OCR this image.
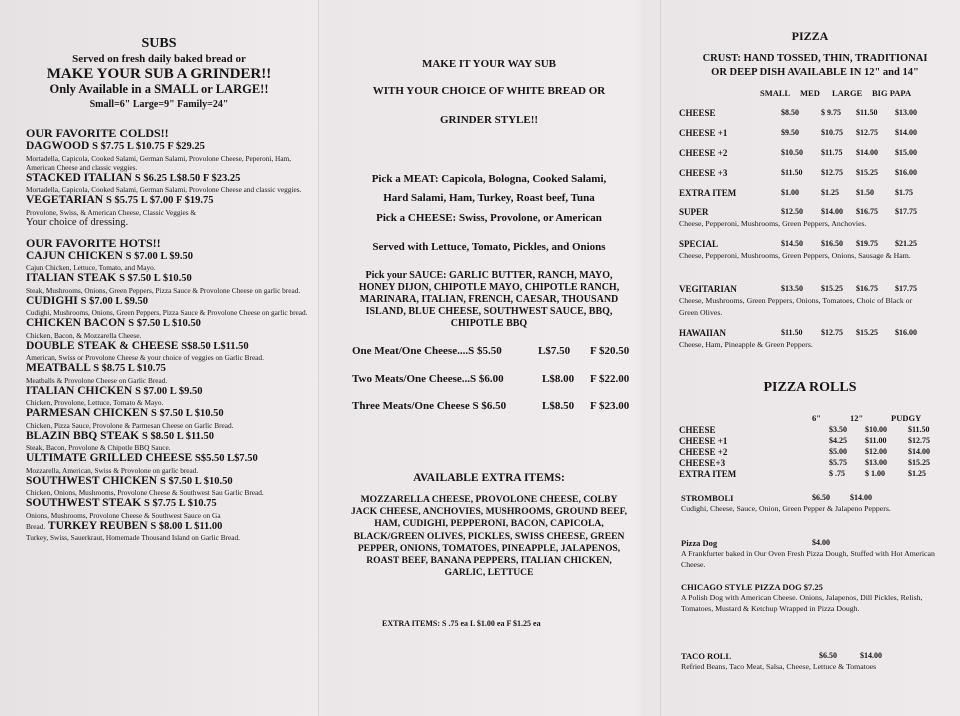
SUBS
Served on fresh daily baked bread or
MAKE YOUR SUB A GRINDER!!
Only Available in a SMALL or LARGE!!
Small=6" Large=9" Family=24"
OUR FAVORITE COLDS!!
DAGWOOD S $7.75 L $10.75 F $29.25
Mortadella, Capicola, Cooked Salami, German Salami, Provolone Cheese, Peperoni, Ham, American Cheese and classic veggies.
STACKED ITALIAN S $6.25 L$8.50 F $23.25
Mortadella, Capicola, Cooked Salami, German Salami, Provolone Cheese and classic veggies.
VEGETARIAN S $5.75 L $7.00 F $19.75
Provolone, Swiss, & American Cheese, Classic Veggies &
Your choice of dressing.
OUR FAVORITE HOTS!!
CAJUN CHICKEN S $7.00 L $9.50
Cajun Chicken, Lettuce, Tomato, and Mayo.
ITALIAN STEAK S $7.50 L $10.50
Steak, Mushrooms, Onions, Green Peppers, Pizza Sauce & Provolone Cheese on garlic bread.
CUDIGHI S $7.00 L $9.50
Cudighi, Mushrooms, Onions, Green Peppers, Pizza Sauce & Provolone Cheese on garlic bread.
CHICKEN BACON S $7.50 L $10.50
Chicken, Bacon, & Mozzarella Cheese.
DOUBLE STEAK & CHEESE S$8.50 L$11.50
American, Swiss or Provolone Cheese & your choice of veggies on Garlic Bread.
MEATBALL S $8.75 L $10.75
Meatballs & Provolone Cheese on Garlic Bread.
ITALIAN CHICKEN S $7.00 L $9.50
Chicken, Provolone, Lettuce, Tomato & Mayo.
PARMESAN CHICKEN S $7.50 L $10.50
Chicken, Pizza Sauce, Provolone & Parmesan Cheese on Garlic Bread.
BLAZIN BBQ STEAK S $8.50 L $11.50
Steak, Bacon, Provolone & Chipotle BBQ Sauce.
ULTIMATE GRILLED CHEESE S$5.50 L$7.50
Mozzarella, American, Swiss & Provolone on garlic bread.
SOUTHWEST CHICKEN S $7.50 L $10.50
Chicken, Onions, Mushrooms, Provolone Cheese & Southwest Sau Garlic Bread.
SOUTHWEST STEAK S $7.75 L $10.75
Onions, Mushrooms, Provolone Cheese & Southwest Sauce on Ga
Bread. TURKEY REUBEN S $8.00 L $11.00
Turkey, Swiss, Sauerkraut, Homemade Thousand Island on Garlic Bread.
MAKE IT YOUR WAY SUB
WITH YOUR CHOICE OF WHITE BREAD OR
GRINDER STYLE!!
Pick a MEAT: Capicola, Bologna, Cooked Salami,
Hard Salami, Ham, Turkey, Roast beef, Tuna
Pick a CHEESE: Swiss, Provolone, or American
Served with Lettuce, Tomato, Pickles, and Onions
Pick your SAUCE: GARLIC BUTTER, RANCH, MAYO,
HONEY DIJON, CHIPOTLE MAYO, CHIPOTLE RANCH,
MARINARA, ITALIAN, FRENCH, CAESAR, THOUSAND
ISLAND, BLUE CHEESE, SOUTHWEST SAUCE, BBQ,
CHIPOTLE BBQ
One Meat/One Cheese....S $5.50	L$7.50 F $20.50
Two Meats/One Cheese...S $6.00	L$8.00 F $22.00
Three Meats/One Cheese S $6.50	L$8.50 F $23.00
AVAILABLE EXTRA ITEMS:
MOZZARELLA CHEESE, PROVOLONE CHEESE, COLBY
JACK CHEESE, ANCHOVIES, MUSHROOMS, GROUND BEEF,
HAM, CUDIGHI, PEPPERONI, BACON, CAPICOLA,
BLACK/GREEN OLIVES, PICKLES, SWISS CHEESE, GREEN
PEPPER, ONIONS, TOMATOES, PINEAPPLE, JALAPENOS,
ROAST BEEF, BANANA PEPPERS, ITALIAN CHICKEN,
GARLIC, LETTUCE
EXTRA ITEMS: S .75 ea L $1.00 ea F $1.25 ea
PIZZA
CRUST: HAND TOSSED, THIN, TRADITIONAI
OR DEEP DISH AVAILABLE IN 12" and 14"
SMALL MED LARGE BIG PAPA
CHEESE	$8.50	$ 9.75 $11.50 $13.00
CHEESE +1	$9.50	$10.75 $12.75 $14.00
CHEESE +2	$10.50 $11.75 $14.00 $15.00
CHEESE +3	$11.50 $12.75 $15.25 $16.00
EXTRA ITEM	$1.00	$1.25 $1.50	$1.75
SUPER	$12.50 $14.00 $16.75 $17.75
Cheese, Pepperoni, Mushrooms, Green Peppers, Anchovies.
SPECIAL	$14.50 $16.50 $19.75 $21.25
Cheese, Pepperoni, Mushrooms, Green Peppers, Onions, Sausage & Ham.
VEGITARIAN	$13.50 $15.25 $16.75 $17.75
Cheese, Mushrooms, Green Peppers, Onions, Tomatoes, Choic of Black or Green Olives.
HAWAIIAN	$11.50 $12.75 $15.25 $16.00
Cheese, Ham, Pineapple & Green Peppers.
PIZZA ROLLS
6"	12"	PUDGY
CHEESE	$3.50 $10.00	$11.50
CHEESE +1	$4.25 $11.00	$12.75
CHEESE +2	$5.00 $12.00	$14.00
CHEESE+3	$5.75 $13.00	$15.25
EXTRA ITEM	$ .75	$ 1.00	$1.25
STROMBOLI	$6.50	$14.00
Cudighi, Cheese, Sauce, Onion, Green Pepper & Jalapeno Peppers.
Pizza Dog	$4.00
A Frankfurter baked in Our Oven Fresh Pizza Dough, Stuffed with Hot American Cheese.
CHICAGO STYLE PIZZA DOG $7.25
A Polish Dog with American Cheese. Onions, Jalapenos, Dill Pickles, Relish, Tomatoes, Mustard & Ketchup Wrapped in Pizza Dough.
TACO ROLL	$6.50	$14.00
Refried Beans, Taco Meat, Salsa, Cheese, Lettuce & Tomatoes
